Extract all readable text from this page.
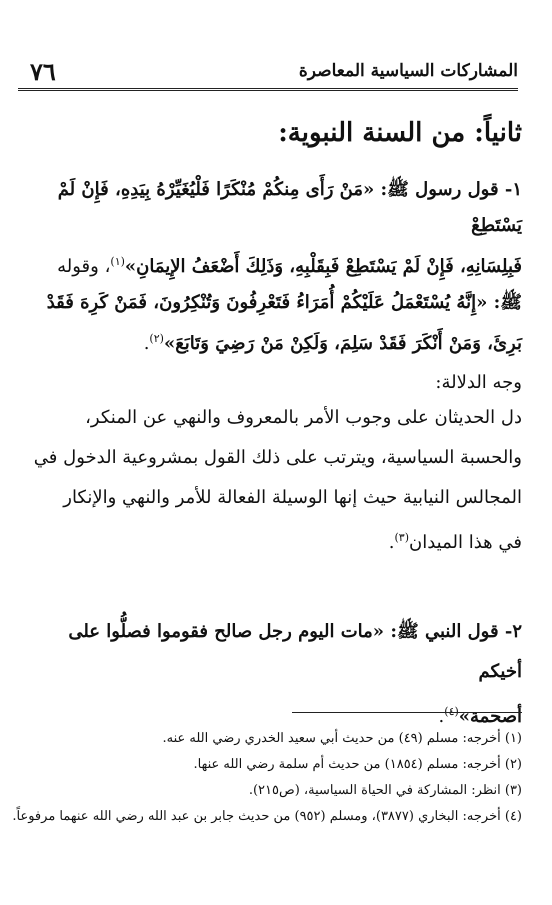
المشاركات السياسية المعاصرة
٧٦
ثانياً: من السنة النبوية:
١- قول رسول ﷺ: «مَنْ رَأَى مِنكُمْ مُنْكَرًا فَلْيُغَيِّرْهُ بِيَدِهِ، فَإِنْ لَمْ يَسْتَطِعْ
فَبِلِسَانِهِ، فَإِنْ لَمْ يَسْتَطِعْ فَبِقَلْبِهِ، وَذَلِكَ أَضْعَفُ الإِيمَانِ»$^{(١)}$، وقوله
ﷺ: «إِنَّهُ يُسْتَعْمَلُ عَلَيْكُمْ أُمَرَاءُ فَتَعْرِفُونَ وَتُنْكِرُونَ، فَمَنْ كَرِهَ فَقَدْ
بَرِئَ، وَمَنْ أَنْكَرَ فَقَدْ سَلِمَ، وَلَكِنْ مَنْ رَضِيَ وَتَابَعَ»$^{(٢)}$.
وجه الدلالة:
دل الحديثان على وجوب الأمر بالمعروف والنهي عن المنكر،
والحسبة السياسية، ويترتب على ذلك القول بمشروعية الدخول في
المجالس النيابية حيث إنها الوسيلة الفعالة للأمر والنهي والإنكار
في هذا الميدان$^{(٣)}$.
٢- قول النبي ﷺ: «مات اليوم رجل صالح فقوموا فصلُّوا على أخيكم
أصحمة»$^{(٤)}$.
(١) أخرجه: مسلم (٤٩) من حديث أبي سعيد الخدري رضي الله عنه.
(٢) أخرجه: مسلم (١٨٥٤) من حديث أم سلمة رضي الله عنها.
(٣) انظر: المشاركة في الحياة السياسية، (ص٢١٥).
(٤) أخرجه: البخاري (٣٨٧٧)، ومسلم (٩٥٢) من حديث جابر بن عبد الله رضي الله عنهما مرفوعاً.
